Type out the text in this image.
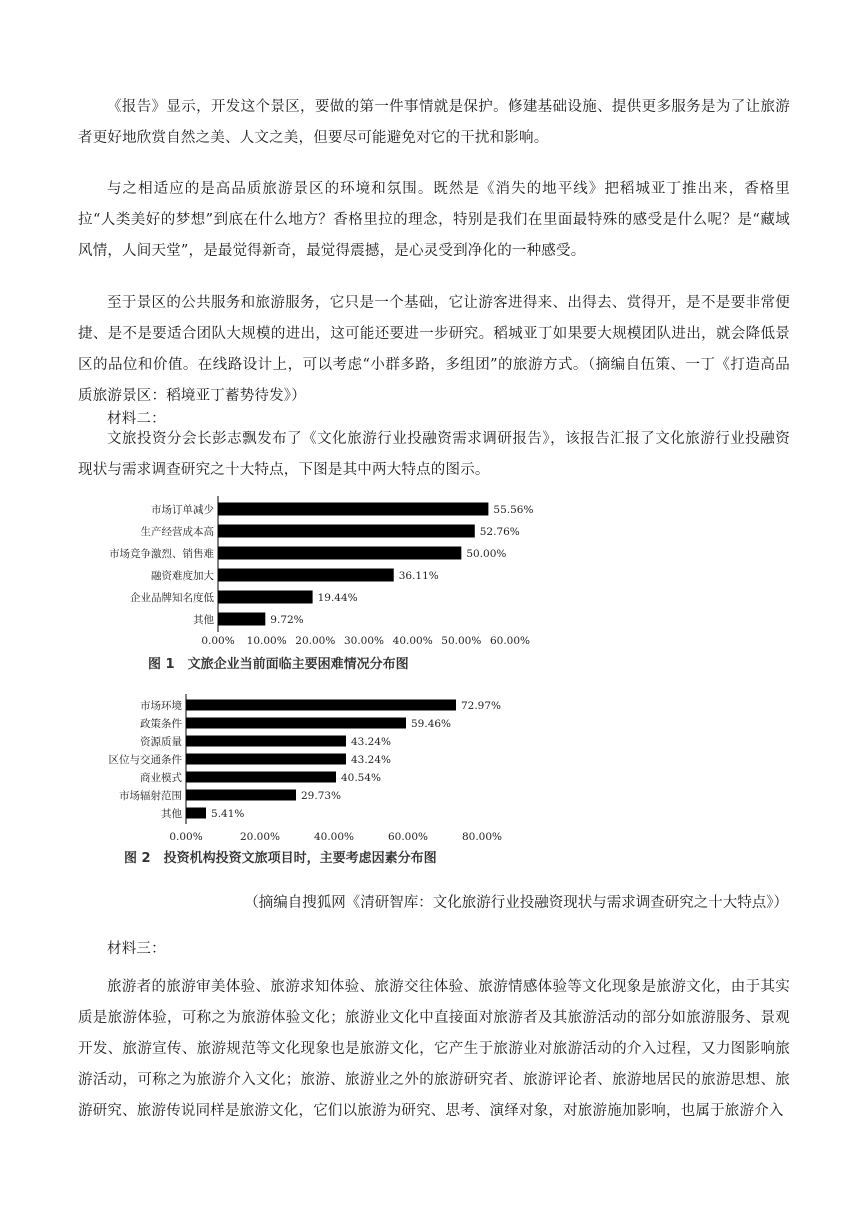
《报告》显示，开发这个景区，要做的第一件事情就是保护。修建基础设施、提供更多服务是为了让旅游者更好地欣赏自然之美、人文之美，但要尽可能避免对它的干扰和影响。

与之相适应的是高品质旅游景区的环境和氛围。既然是《消失的地平线》把稻城亚丁推出来，香格里拉“人类美好的梦想”到底在什么地方？香格里拉的理念，特别是我们在里面最特殊的感受是什么呢？是“藏域风情，人间天堂”，是最觉得新奇，最觉得震撼，是心灵受到净化的一种感受。

至于景区的公共服务和旅游服务，它只是一个基础，它让游客进得来、出得去、赏得开，是不是要非常便捷、是不是要适合团队大规模的进出，这可能还要进一步研究。稻城亚丁如果要大规模团队进出，就会降低景区的品位和价值。在线路设计上，可以考虑“小群多路，多组团”的旅游方式。（摘编自伍策、一丁《打造高品质旅游景区：稻境亚丁蓄势待发》）

材料二：

文旅投资分会长彭志飘发布了《文化旅游行业投融资需求调研报告》，该报告汇报了文化旅游行业投融资现状与需求调查研究之十大特点，下图是其中两大特点的图示。

市场订单减少	55.56%
生产经营成本高	52.76%
市场竞争激烈、销售难	50.00%
融资难度加大	36.11%
企业品牌知名度低	19.44%
其他	9.72%
0.00% 10.00% 20.00% 30.00% 40.00% 50.00% 60.00%
图 1　文旅企业当前面临主要困难情况分布图
市场环境	72.97%
政策条件	59.46%
资源质量	43.24%
区位与交通条件	43.24%
商业模式	40.54%
市场辐射范围	29.73%
其他	5.41%
0.00%	20.00%	40.00%	60.00%	80.00%
图 2　投资机构投资文旅项目时，主要考虑因素分布图

（摘编自搜狐网《清研智库：文化旅游行业投融资现状与需求调查研究之十大特点》）

材料三：

旅游者的旅游审美体验、旅游求知体验、旅游交往体验、旅游情感体验等文化现象是旅游文化，由于其实质是旅游体验，可称之为旅游体验文化；旅游业文化中直接面对旅游者及其旅游活动的部分如旅游服务、景观开发、旅游宣传、旅游规范等文化现象也是旅游文化，它产生于旅游业对旅游活动的介入过程，又力图影响旅游活动，可称之为旅游介入文化；旅游、旅游业之外的旅游研究者、旅游评论者、旅游地居民的旅游思想、旅游研究、旅游传说同样是旅游文化，它们以旅游为研究、思考、演绎对象，对旅游施加影响，也属于旅游介入
